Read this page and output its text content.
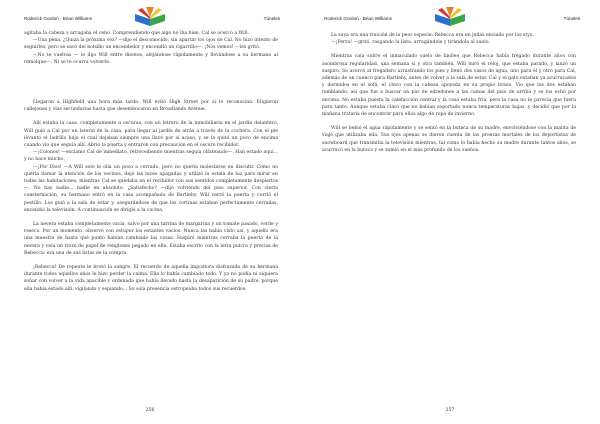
Roderick Gordon · Brian Williams	Túneles

agitaba la cabeza y arrugaba el ceño. Comprendiendo que algo no iba bien, Cal se acercó a Will.

—Una pena. ¿Quizá la próxima vez? —dijo el desconocido, sin apartar los ojos de Cal. No hizo intento de seguirles, pero se sacó del bolsillo un encendedor y encendió un cigarrillo—. ¡Nos vemos! —les gritó.

—No te vuelvas — le dijo Will entre dientes, alejándose rápidamente y llevándose a su hermano al remolque—. Ni se te ocurra volverte.

Llegaron a Highfield una hora más tarde. Will evitó High Street por si lo reconocían. Eligieron callejones y vías secundarias hasta que desembocaron en Broadlands Avenue.

Allí estaba la casa, completamente a oscuras, con un letrero de la inmobiliaria en el jardín delantero. Will guió a Cal por un lateral de la casa, para llegar al jardín de atrás a través de la cochera. Con el pie levantó el ladrillo bajo el cual dejaban siempre una llave por si acaso, y se la quitó un poco de encima cuando vio que seguía allí. Abrió la puerta y entraron con precaución en el oscuro recibidor.

—¡Colonos! —exclamó Cal de inmediato, retrocediendo mientras seguía olfateando—. Han estado aquí... y no hace mucho.

—¡Por Dios! —A Will solo le olía un poco a cerrado, pero no quería molestarse en discutir. Como no quería llamar la atención de los vecinos, dejó las luces apagadas y utilizó la estela de luz para mirar en todas las habitaciones, mientras Cal se quedaba en el recibidor con sus sentidos completamente despiertos—. No hay nadie... nadie en absoluto. ¿Satisfecho? —dijo volviendo del piso superior. Con cierta consternación, su hermano entró en la casa acompañado de Bartleby. Will cerró la puerta y corrió el pestillo. Los guió a la sala de estar y, asegurándose de que las cortinas estaban perfectamente cerradas, encendió la televisión. A continuación se dirigió a la cocina.

La nevera estaba completamente vacía, salvo por una tarrina de margarina y un tomate pasado, verde y reseco. Por un momento, observó con estupor los estantes vacíos. Nunca las había visto así, y aquello era una muestra de hasta qué punto habían cambiado las cosas. Suspiró mientras cerraba la puerta de la nevera y veía un trozo de papel de renglones pegado en ella. Estaba escrito con la letra pulcra y precisa de Rebecca: era una de sus listas de la compra.

¡Rebecca! De repente le brotó la sangre. El recuerdo de aquella impostora disfrazada de su hermana durante todos aquellos años le hizo perder la calma. Ella lo había cambiado todo. Y ya no podía ni siquiera soñar con volver a la vida apacible y ordenada que había llevado hasta la desaparición de su padre, porque ella había estado allí, vigilando y espiando... Su sola presencia estropeaba todos sus recuerdos.

256
Roderick Gordon · Brian Williams	Túneles

La suya era una traición de la peor especie: Rebecca era un judas enviado por los styx.

—¡Perra! —gritó, rasgando la lista, arrugándola y tirándola al suelo.

Mientras caía sobre el inmaculado suelo de linóleo que Rebecca había fregado durante años con asombrosa regularidad, una semana sí y otra también, Will miró el reloj, que estaba parado, y lanzó un suspiro. Se acercó al fregadero arrastrando los pies y llenó dos vasos de agua, uno para él y otro para Cal, además de un cuenco para Bartleby, antes de volver a la sala de estar. Cal y el gato estaban ya acurrucados y dormidos en el sofá, el chico con la cabeza apoyada en su propio brazo. Vio que los dos estaban temblando, así que fue a buscar un par de edredones a las camas del piso de arriba y se los echó por encima. No estaba puesta la calefacción central y la casa estaba fría, pero la casa no le parecía que fuera para tanto. Aunque estaba claro que no habían soportado nunca temperaturas bajas, y decidió que por la mañana trataría de encontrar para ellos algo de ropa de invierno.

Will se bebió el agua rápidamente y se sentó en la butaca de su madre, envolviéndose con la manta de viaje que utilizaba ella. Sus ojos apenas se dieron cuenta de las proezas mortales de los deportistas de snowboard que transmitía la televisión mientras, tal como lo había hecho su madre durante tantos años, se acurrucó en la butaca y se sumió en el más profundo de los sueños.

257
